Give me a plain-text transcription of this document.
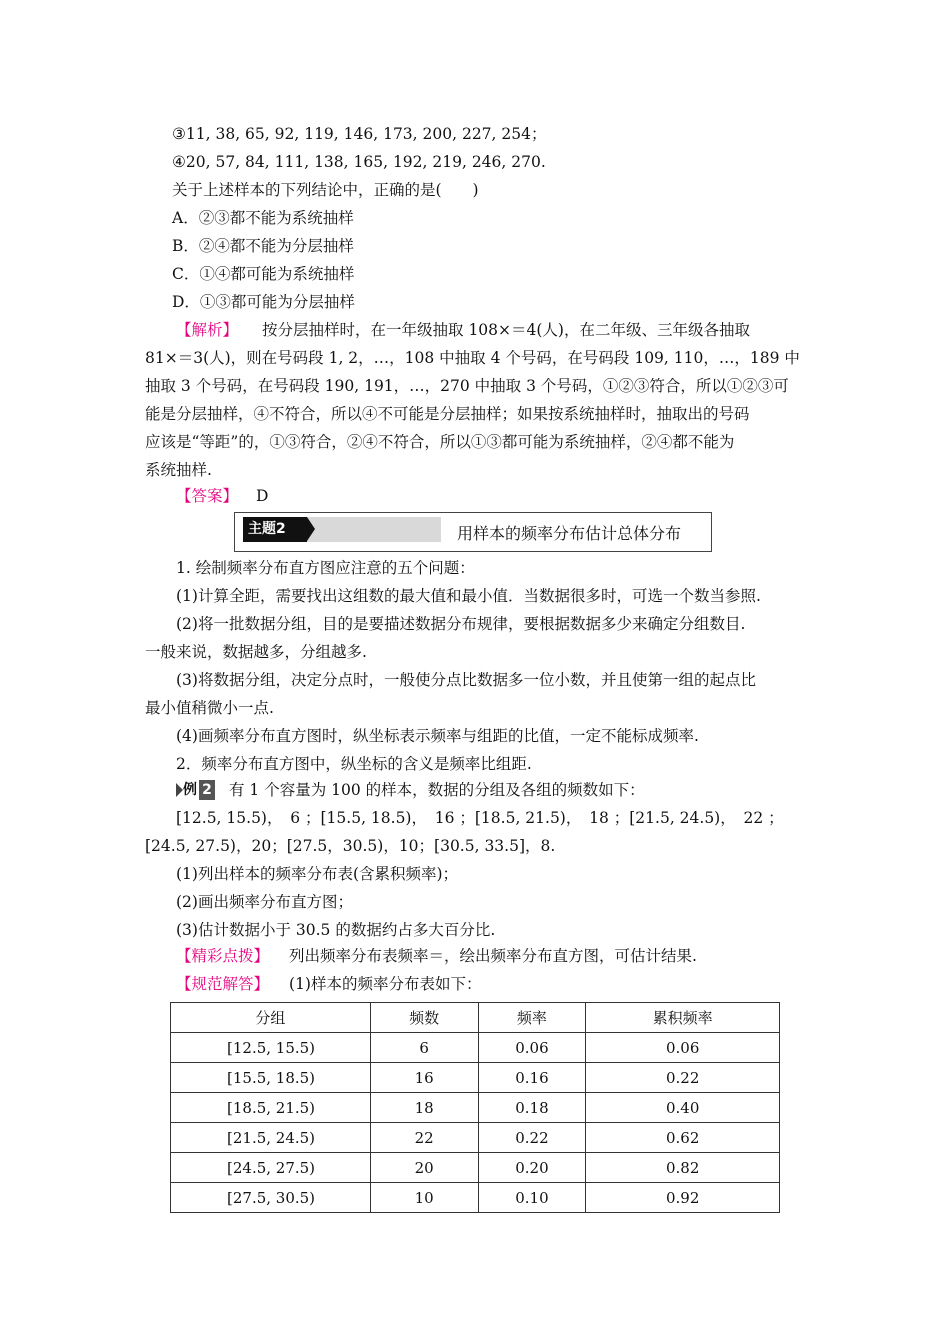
③11, 38, 65, 92, 119, 146, 173, 200, 227, 254；
④20, 57, 84, 111, 138, 165, 192, 219, 246, 270.
关于上述样本的下列结论中，正确的是(　　)
A．②③都不能为系统抽样
B．②④都不能为分层抽样
C．①④都可能为系统抽样
D．①③都可能为分层抽样
【解析】 按分层抽样时，在一年级抽取 108×＝4(人)，在二年级、三年级各抽取
81×＝3(人)，则在号码段 1, 2，…，108 中抽取 4 个号码，在号码段 109, 110，…，189 中
抽取 3 个号码，在号码段 190, 191，…，270 中抽取 3 个号码，①②③符合，所以①②③可
能是分层抽样，④不符合，所以④不可能是分层抽样；如果按系统抽样时，抽取出的号码
应该是“等距”的，①③符合，②④不符合，所以①③都可能为系统抽样，②④都不能为
系统抽样.
【答案】 D
主题2	用样本的频率分布估计总体分布
1. 绘制频率分布直方图应注意的五个问题：
(1)计算全距，需要找出这组数的最大值和最小值．当数据很多时，可选一个数当参照.
(2)将一批数据分组，目的是要描述数据分布规律，要根据数据多少来确定分组数目.
一般来说，数据越多，分组越多.
(3)将数据分组，决定分点时，一般使分点比数据多一位小数，并且使第一组的起点比
最小值稍微小一点.
(4)画频率分布直方图时，纵坐标表示频率与组距的比值，一定不能标成频率.
2．频率分布直方图中，纵坐标的含义是频率比组距.
例 2 有 1 个容量为 100 的样本，数据的分组及各组的频数如下：
[12.5, 15.5)，　6 ；[15.5, 18.5)，　16 ；[18.5, 21.5)，　18 ；[21.5, 24.5)，　22 ；
[24.5, 27.5)，20；[27.5，30.5)，10；[30.5, 33.5]，8.
(1)列出样本的频率分布表(含累积频率)；
(2)画出频率分布直方图；
(3)估计数据小于 30.5 的数据约占多大百分比.
【精彩点拨】 列出频率分布表频率＝，绘出频率分布直方图，可估计结果.
【规范解答】 (1)样本的频率分布表如下：
分组	频数	频率	累积频率
[12.5, 15.5)	6	0.06	0.06
[15.5, 18.5)	16	0.16	0.22
[18.5, 21.5)	18	0.18	0.40
[21.5, 24.5)	22	0.22	0.62
[24.5, 27.5)	20	0.20	0.82
[27.5, 30.5)	10	0.10	0.92
